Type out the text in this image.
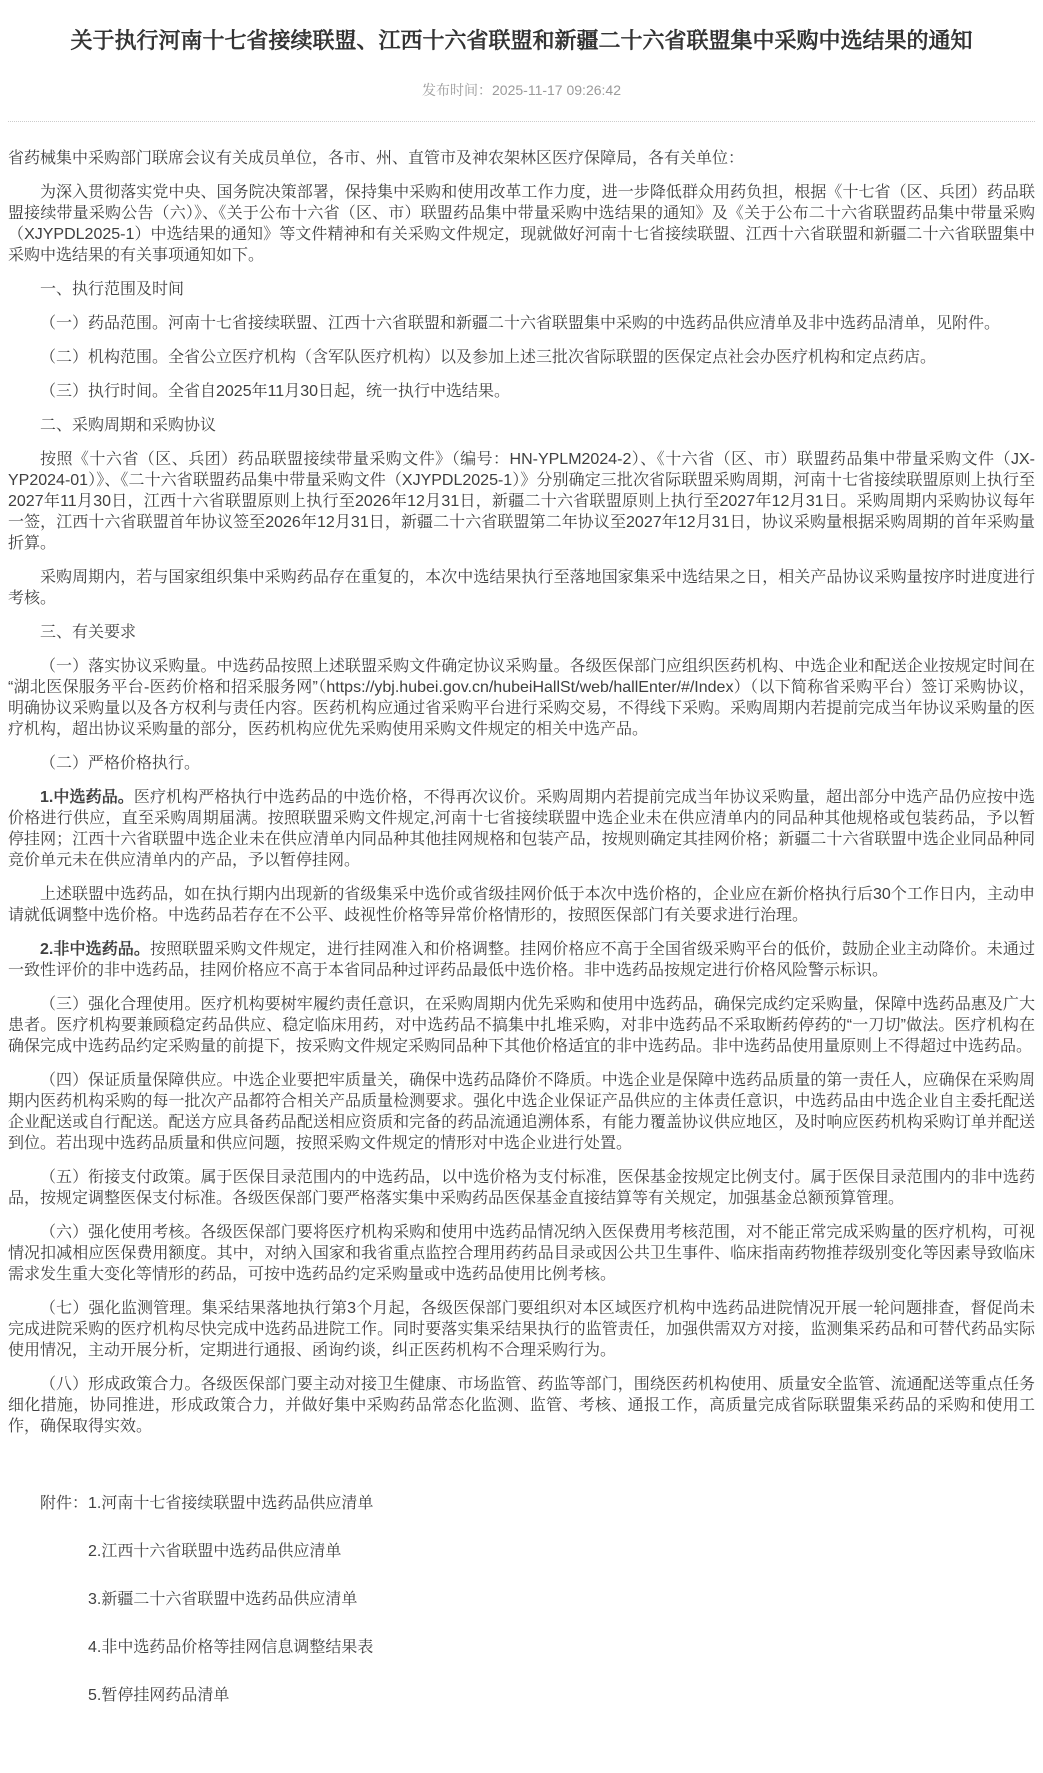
关于执行河南十七省接续联盟、江西十六省联盟和新疆二十六省联盟集中采购中选结果的通知
发布时间：2025-11-17 09:26:42

省药械集中采购部门联席会议有关成员单位，各市、州、直管市及神农架林区医疗保障局，各有关单位：

为深入贯彻落实党中央、国务院决策部署，保持集中采购和使用改革工作力度，进一步降低群众用药负担，根据《十七省（区、兵团）药品联盟接续带量采购公告（六）》、《关于公布十六省（区、市）联盟药品集中带量采购中选结果的通知》及《关于公布二十六省联盟药品集中带量采购（XJYPDL2025-1）中选结果的通知》等文件精神和有关采购文件规定，现就做好河南十七省接续联盟、江西十六省联盟和新疆二十六省联盟集中采购中选结果的有关事项通知如下。

一、执行范围及时间

（一）药品范围。河南十七省接续联盟、江西十六省联盟和新疆二十六省联盟集中采购的中选药品供应清单及非中选药品清单，见附件。

（二）机构范围。全省公立医疗机构（含军队医疗机构）以及参加上述三批次省际联盟的医保定点社会办医疗机构和定点药店。

（三）执行时间。全省自2025年11月30日起，统一执行中选结果。

二、采购周期和采购协议

按照《十六省（区、兵团）药品联盟接续带量采购文件》（编号：HN-YPLM2024-2）、《十六省（区、市）联盟药品集中带量采购文件（JX-YP2024-01）》、《二十六省联盟药品集中带量采购文件（XJYPDL2025-1）》分别确定三批次省际联盟采购周期，河南十七省接续联盟原则上执行至2027年11月30日，江西十六省联盟原则上执行至2026年12月31日，新疆二十六省联盟原则上执行至2027年12月31日。采购周期内采购协议每年一签，江西十六省联盟首年协议签至2026年12月31日，新疆二十六省联盟第二年协议至2027年12月31日，协议采购量根据采购周期的首年采购量折算。

采购周期内，若与国家组织集中采购药品存在重复的，本次中选结果执行至落地国家集采中选结果之日，相关产品协议采购量按序时进度进行考核。

三、有关要求

（一）落实协议采购量。中选药品按照上述联盟采购文件确定协议采购量。各级医保部门应组织医药机构、中选企业和配送企业按规定时间在“湖北医保服务平台-医药价格和招采服务网”（https://ybj.hubei.gov.cn/hubeiHallSt/web/hallEnter/#/Index）（以下简称省采购平台）签订采购协议，明确协议采购量以及各方权利与责任内容。医药机构应通过省采购平台进行采购交易，不得线下采购。采购周期内若提前完成当年协议采购量的医疗机构，超出协议采购量的部分，医药机构应优先采购使用采购文件规定的相关中选产品。

（二）严格价格执行。

1.中选药品。医疗机构严格执行中选药品的中选价格，不得再次议价。采购周期内若提前完成当年协议采购量，超出部分中选产品仍应按中选价格进行供应，直至采购周期届满。按照联盟采购文件规定,河南十七省接续联盟中选企业未在供应清单内的同品种其他规格或包装药品，予以暂停挂网；江西十六省联盟中选企业未在供应清单内同品种其他挂网规格和包装产品，按规则确定其挂网价格；新疆二十六省联盟中选企业同品种同竞价单元未在供应清单内的产品，予以暂停挂网。

上述联盟中选药品，如在执行期内出现新的省级集采中选价或省级挂网价低于本次中选价格的，企业应在新价格执行后30个工作日内，主动申请就低调整中选价格。中选药品若存在不公平、歧视性价格等异常价格情形的，按照医保部门有关要求进行治理。

2.非中选药品。按照联盟采购文件规定，进行挂网准入和价格调整。挂网价格应不高于全国省级采购平台的低价，鼓励企业主动降价。未通过一致性评价的非中选药品，挂网价格应不高于本省同品种过评药品最低中选价格。非中选药品按规定进行价格风险警示标识。

（三）强化合理使用。医疗机构要树牢履约责任意识，在采购周期内优先采购和使用中选药品，确保完成约定采购量，保障中选药品惠及广大患者。医疗机构要兼顾稳定药品供应、稳定临床用药，对中选药品不搞集中扎堆采购，对非中选药品不采取断药停药的“一刀切”做法。医疗机构在确保完成中选药品约定采购量的前提下，按采购文件规定采购同品种下其他价格适宜的非中选药品。非中选药品使用量原则上不得超过中选药品。

（四）保证质量保障供应。中选企业要把牢质量关，确保中选药品降价不降质。中选企业是保障中选药品质量的第一责任人，应确保在采购周期内医药机构采购的每一批次产品都符合相关产品质量检测要求。强化中选企业保证产品供应的主体责任意识，中选药品由中选企业自主委托配送企业配送或自行配送。配送方应具备药品配送相应资质和完备的药品流通追溯体系，有能力覆盖协议供应地区，及时响应医药机构采购订单并配送到位。若出现中选药品质量和供应问题，按照采购文件规定的情形对中选企业进行处置。

（五）衔接支付政策。属于医保目录范围内的中选药品，以中选价格为支付标准，医保基金按规定比例支付。属于医保目录范围内的非中选药品，按规定调整医保支付标准。各级医保部门要严格落实集中采购药品医保基金直接结算等有关规定，加强基金总额预算管理。

（六）强化使用考核。各级医保部门要将医疗机构采购和使用中选药品情况纳入医保费用考核范围，对不能正常完成采购量的医疗机构，可视情况扣减相应医保费用额度。其中，对纳入国家和我省重点监控合理用药药品目录或因公共卫生事件、临床指南药物推荐级别变化等因素导致临床需求发生重大变化等情形的药品，可按中选药品约定采购量或中选药品使用比例考核。

（七）强化监测管理。集采结果落地执行第3个月起，各级医保部门要组织对本区域医疗机构中选药品进院情况开展一轮问题排查，督促尚未完成进院采购的医疗机构尽快完成中选药品进院工作。同时要落实集采结果执行的监管责任，加强供需双方对接，监测集采药品和可替代药品实际使用情况，主动开展分析，定期进行通报、函询约谈，纠正医药机构不合理采购行为。

（八）形成政策合力。各级医保部门要主动对接卫生健康、市场监管、药监等部门，围绕医药机构使用、质量安全监管、流通配送等重点任务细化措施，协同推进，形成政策合力，并做好集中采购药品常态化监测、监管、考核、通报工作，高质量完成省际联盟集采药品的采购和使用工作，确保取得实效。

附件： 1.河南十七省接续联盟中选药品供应清单
2.江西十六省联盟中选药品供应清单
3.新疆二十六省联盟中选药品供应清单
4.非中选药品价格等挂网信息调整结果表
5.暂停挂网药品清单
